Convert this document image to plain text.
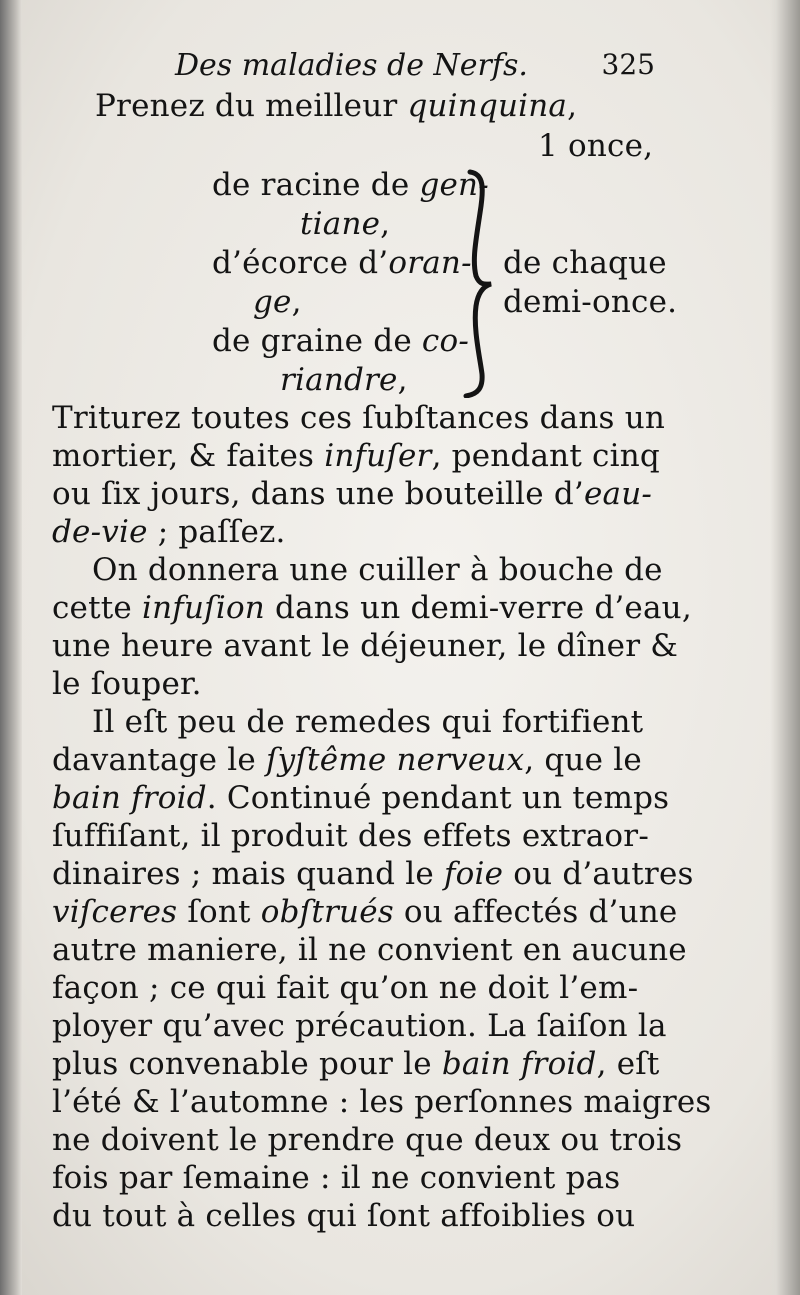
Des maladies de Nerfs.	325
Prenez du meilleur quinquina,
1 once,
de racine de gen-
tiane,
d’écorce d’oran-
ge,
de graine de co-
riandre,
de chaque
demi-once.
Triturez toutes ces ſubſtances dans un
mortier, & faites infuſer, pendant cinq
ou ſix jours, dans une bouteille d’eau-
de-vie ; paſſez.
On donnera une cuiller à bouche de
cette infuſion dans un demi-verre d’eau,
une heure avant le déjeuner, le dîner &
le ſouper.
Il eſt peu de remedes qui fortifient
davantage le ſyſtême nerveux, que le
bain froid. Continué pendant un temps
ſuffiſant, il produit des effets extraor-
dinaires ; mais quand le foie ou d’autres
viſceres ſont obſtrués ou affectés d’une
autre maniere, il ne convient en aucune
façon ; ce qui fait qu’on ne doit l’em-
ployer qu’avec précaution. La ſaiſon la
plus convenable pour le bain froid, eſt
l’été & l’automne : les perſonnes maigres
ne doivent le prendre que deux ou trois
fois par ſemaine : il ne convient pas
du tout à celles qui ſont affoiblies ou
